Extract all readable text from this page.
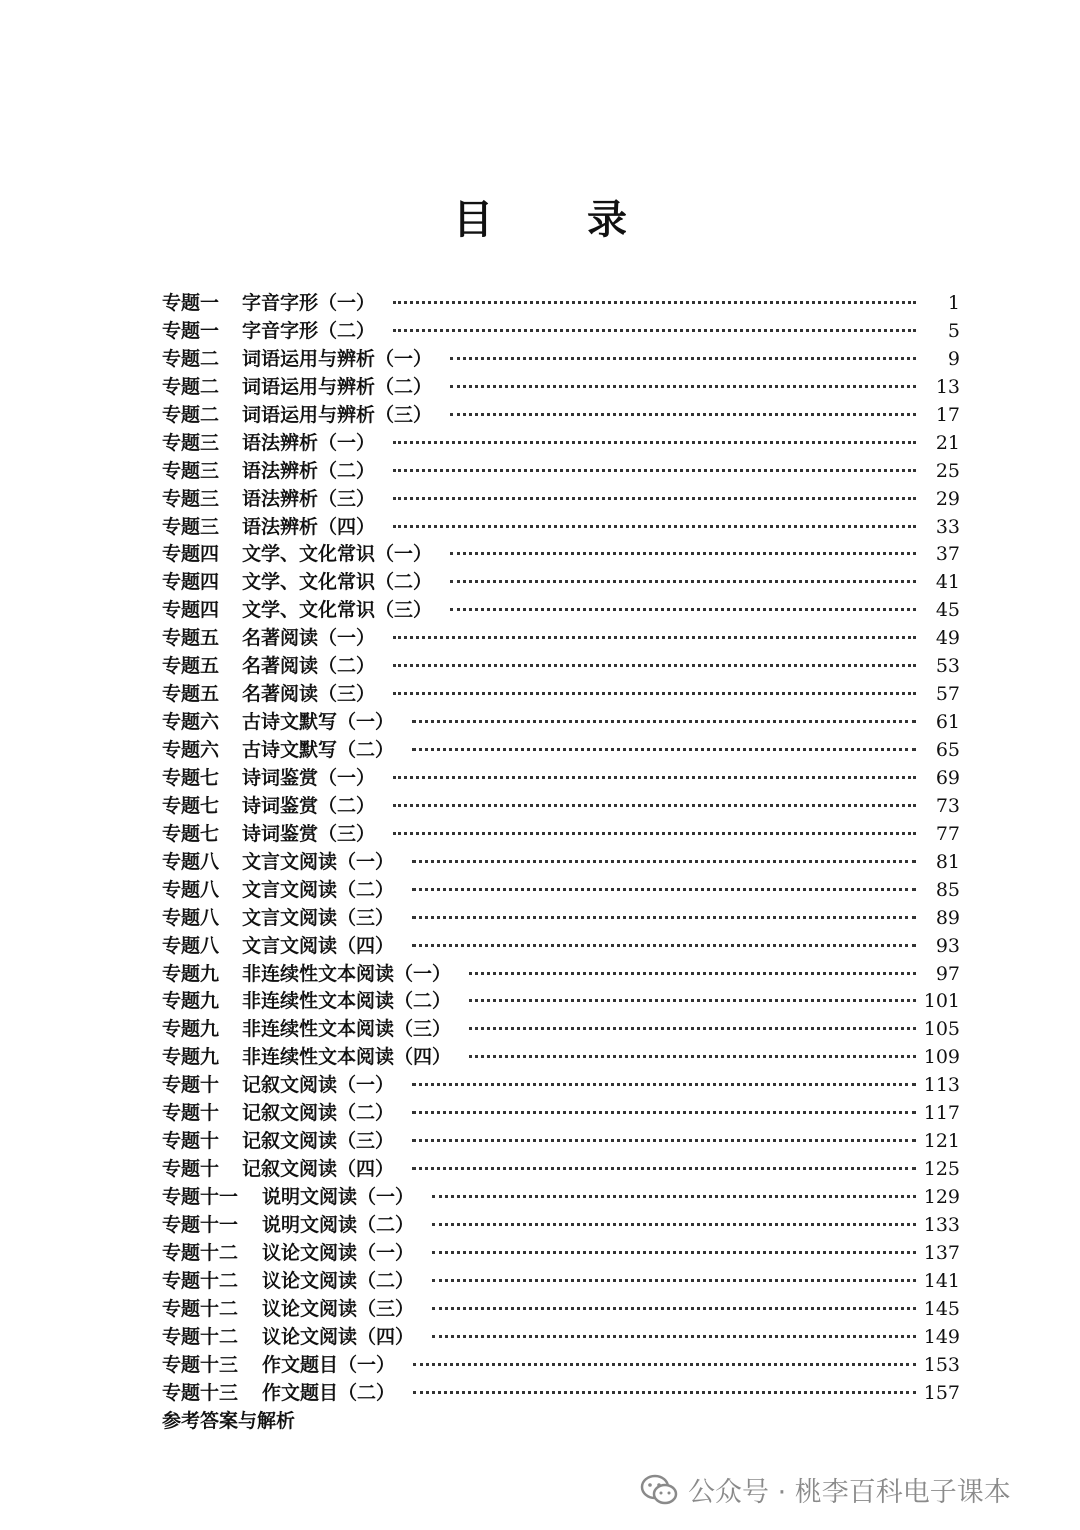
目 录
专题一	字音字形（一）	1
专题一	字音字形（二）	5
专题二	词语运用与辨析（一）	9
专题二	词语运用与辨析（二）	13
专题二	词语运用与辨析（三）	17
专题三	语法辨析（一）	21
专题三	语法辨析（二）	25
专题三	语法辨析（三）	29
专题三	语法辨析（四）	33
专题四	文学、文化常识（一）	37
专题四	文学、文化常识（二）	41
专题四	文学、文化常识（三）	45
专题五	名著阅读（一）	49
专题五	名著阅读（二）	53
专题五	名著阅读（三）	57
专题六	古诗文默写（一）	61
专题六	古诗文默写（二）	65
专题七	诗词鉴赏（一）	69
专题七	诗词鉴赏（二）	73
专题七	诗词鉴赏（三）	77
专题八	文言文阅读（一）	81
专题八	文言文阅读（二）	85
专题八	文言文阅读（三）	89
专题八	文言文阅读（四）	93
专题九	非连续性文本阅读（一）	97
专题九	非连续性文本阅读（二）	101
专题九	非连续性文本阅读（三）	105
专题九	非连续性文本阅读（四）	109
专题十	记叙文阅读（一）	113
专题十	记叙文阅读（二）	117
专题十	记叙文阅读（三）	121
专题十	记叙文阅读（四）	125
专题十一	说明文阅读（一）	129
专题十一	说明文阅读（二）	133
专题十二	议论文阅读（一）	137
专题十二	议论文阅读（二）	141
专题十二	议论文阅读（三）	145
专题十二	议论文阅读（四）	149
专题十三	作文题目（一）	153
专题十三	作文题目（二）	157
参考答案与解析
公众号 · 桃李百科电子课本
